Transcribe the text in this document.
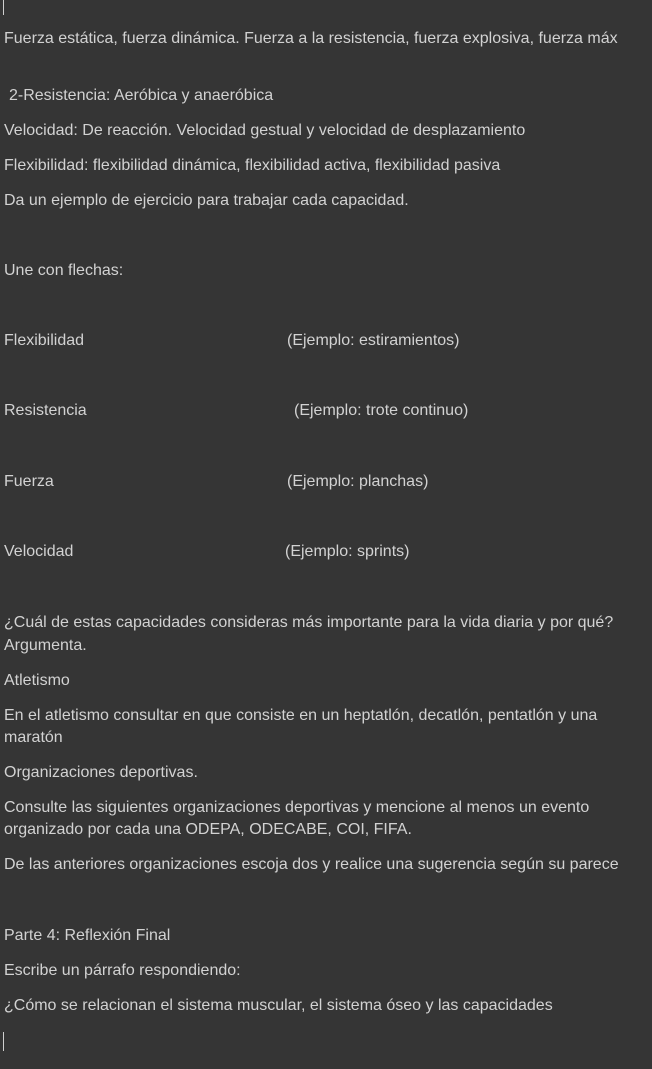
Fuerza estática, fuerza dinámica. Fuerza a la resistencia, fuerza explosiva, fuerza máx
2-Resistencia: Aeróbica y anaeróbica
Velocidad: De reacción. Velocidad gestual y velocidad de desplazamiento
Flexibilidad: flexibilidad dinámica, flexibilidad activa, flexibilidad pasiva
Da un ejemplo de ejercicio para trabajar cada capacidad.
Une con flechas:
Flexibilidad	(Ejemplo: estiramientos)
Resistencia	(Ejemplo: trote continuo)
Fuerza	(Ejemplo: planchas)
Velocidad	(Ejemplo: sprints)
¿Cuál de estas capacidades consideras más importante para la vida diaria y por qué?
Argumenta.
Atletismo
En el atletismo consultar en que consiste en un heptatlón, decatlón, pentatlón y una
maratón
Organizaciones deportivas.
Consulte las siguientes organizaciones deportivas y mencione al menos un evento
organizado por cada una ODEPA, ODECABE, COI, FIFA.
De las anteriores organizaciones escoja dos y realice una sugerencia según su parece
Parte 4: Reflexión Final
Escribe un párrafo respondiendo:
¿Cómo se relacionan el sistema muscular, el sistema óseo y las capacidades
